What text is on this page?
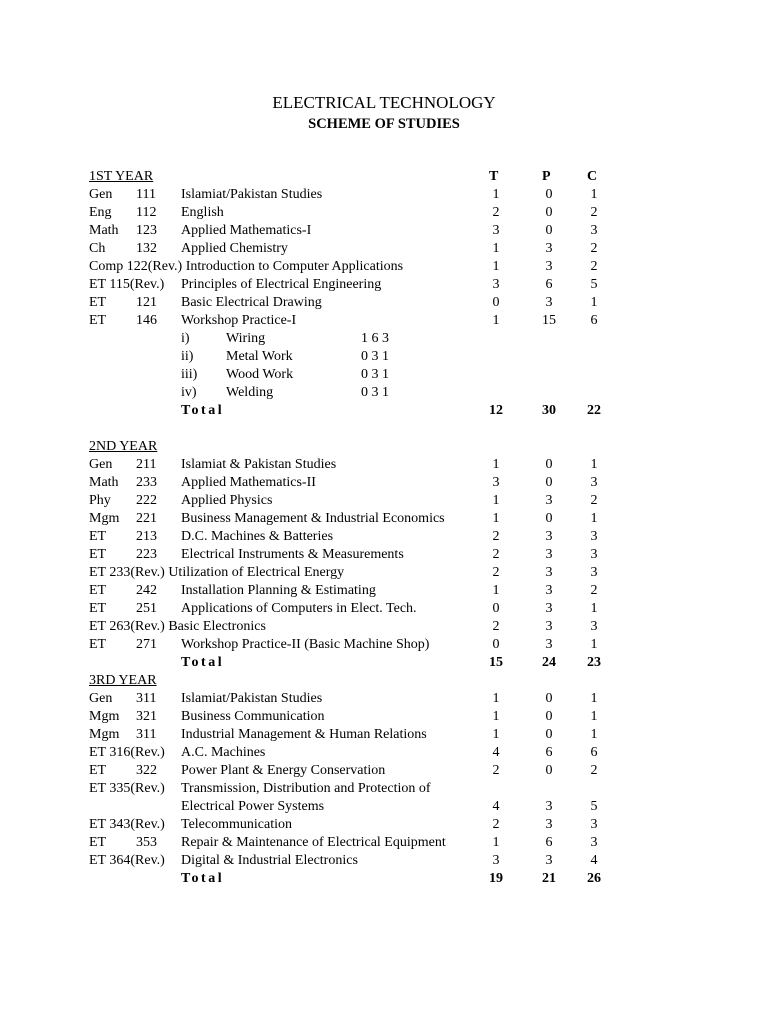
ELECTRICAL TECHNOLOGY
SCHEME OF STUDIES
T	P	C
1ST YEAR
Gen 111 Islamiat/Pakistan Studies	1	0	1
Eng 112 English	2	0	2
Math 123 Applied Mathematics-I	3	0	3
Ch 132 Applied Chemistry	1	3	2
Comp 122(Rev.) Introduction to Computer Applications	1	3	2
ET 115(Rev.) Principles of Electrical Engineering	3	6	5
ET 121 Basic Electrical Drawing	0	3	1
ET 146 Workshop Practice-I	1	15	6
i)	Wiring	1 6 3
ii) Metal Work	0 3 1
iii) Wood Work	0 3 1
iv) Welding	0 3 1
Total	12	30	22
2ND YEAR
Gen 211 Islamiat & Pakistan Studies	1	0	1
Math 233 Applied Mathematics-II	3	0	3
Phy 222 Applied Physics	1	3	2
Mgm 221 Business Management & Industrial Economics	1	0	1
ET 213 D.C. Machines & Batteries	2	3	3
ET 223 Electrical Instruments & Measurements	2	3	3
ET 233(Rev.) Utilization of Electrical Energy	2	3	3
ET 242 Installation Planning & Estimating	1	3	2
ET 251 Applications of Computers in Elect. Tech.	0	3	1
ET 263(Rev.) Basic Electronics	2	3	3
ET 271 Workshop Practice-II (Basic Machine Shop)	0	3	1
Total	15	24	23
3RD YEAR
Gen 311 Islamiat/Pakistan Studies	1	0	1
Mgm 321 Business Communication	1	0	1
Mgm 311 Industrial Management & Human Relations	1	0	1
ET 316(Rev.) A.C. Machines	4	6	6
ET 322 Power Plant & Energy Conservation	2	0	2
ET 335(Rev.) Transmission, Distribution and Protection of
Electrical Power Systems	4	3	5
ET 343(Rev.) Telecommunication	2	3	3
ET 353 Repair & Maintenance of Electrical Equipment	1	6	3
ET 364(Rev.) Digital & Industrial Electronics	3	3	4
Total	19	21	26
